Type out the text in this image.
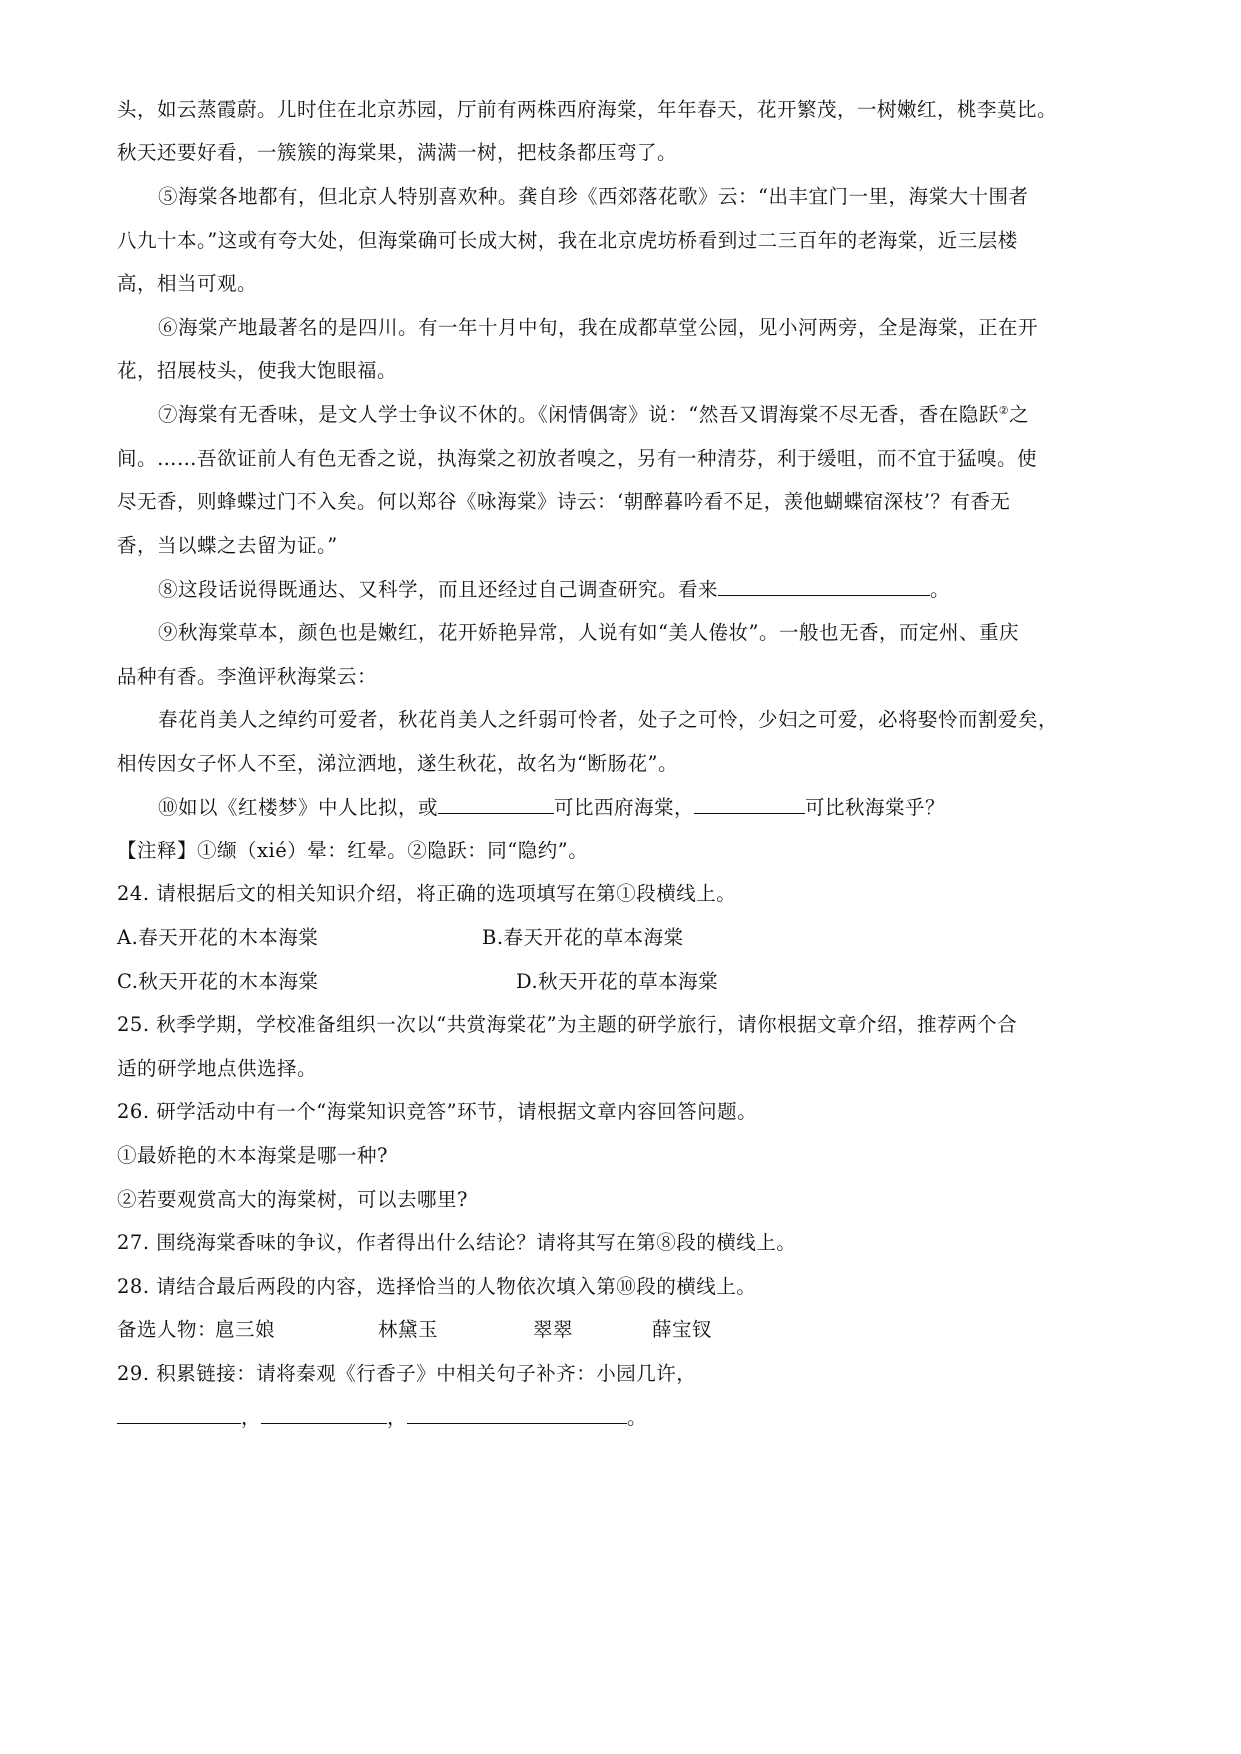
头，如云蒸霞蔚。儿时住在北京苏园，厅前有两株西府海棠，年年春天，花开繁茂，一树嫩红，桃李莫比。
秋天还要好看，一簇簇的海棠果，满满一树，把枝条都压弯了。
⑤海棠各地都有，但北京人特别喜欢种。龚自珍《西郊落花歌》云：“出丰宜门一里，海棠大十围者
八九十本。”这或有夸大处，但海棠确可长成大树，我在北京虎坊桥看到过二三百年的老海棠，近三层楼
高，相当可观。
⑥海棠产地最著名的是四川。有一年十月中旬，我在成都草堂公园，见小河两旁，全是海棠，正在开
花，招展枝头，使我大饱眼福。
⑦海棠有无香味，是文人学士争议不休的。《闲情偶寄》说：“然吾又谓海棠不尽无香，香在隐跃②之
间。……吾欲证前人有色无香之说，执海棠之初放者嗅之，另有一种清芬，利于缓咀，而不宜于猛嗅。使
尽无香，则蜂蝶过门不入矣。何以郑谷《咏海棠》诗云：‘朝醉暮吟看不足，羡他蝴蝶宿深枝’？有香无
香，当以蝶之去留为证。”
⑧这段话说得既通达、又科学，而且还经过自己调查研究。看来	。
⑨秋海棠草本，颜色也是嫩红，花开娇艳异常，人说有如“美人倦妆”。一般也无香，而定州、重庆
品种有香。李渔评秋海棠云：
春花肖美人之绰约可爱者，秋花肖美人之纤弱可怜者，处子之可怜，少妇之可爱，必将娶怜而割爱矣，
相传因女子怀人不至，涕泣洒地，遂生秋花，故名为“断肠花”。
⑩如以《红楼梦》中人比拟，或	可比西府海棠，	可比秋海棠乎？
【注释】①缬（xié）晕：红晕。②隐跃：同“隐约”。
24. 请根据后文的相关知识介绍，将正确的选项填写在第①段横线上。
A.春天开花的木本海棠	B.春天开花的草本海棠
C.秋天开花的木本海棠	D.秋天开花的草本海棠
25. 秋季学期，学校准备组织一次以“共赏海棠花”为主题的研学旅行，请你根据文章介绍，推荐两个合
适的研学地点供选择。
26. 研学活动中有一个“海棠知识竞答”环节，请根据文章内容回答问题。
①最娇艳的木本海棠是哪一种?
②若要观赏高大的海棠树，可以去哪里?
27. 围绕海棠香味的争议，作者得出什么结论？请将其写在第⑧段的横线上。
28. 请结合最后两段的内容，选择恰当的人物依次填入第⑩段的横线上。
备选人物：
扈三娘	林黛玉	翠翠	薛宝钗
29. 积累链接：请将秦观《行香子》中相关句子补齐：小园几许，
，	，	。
